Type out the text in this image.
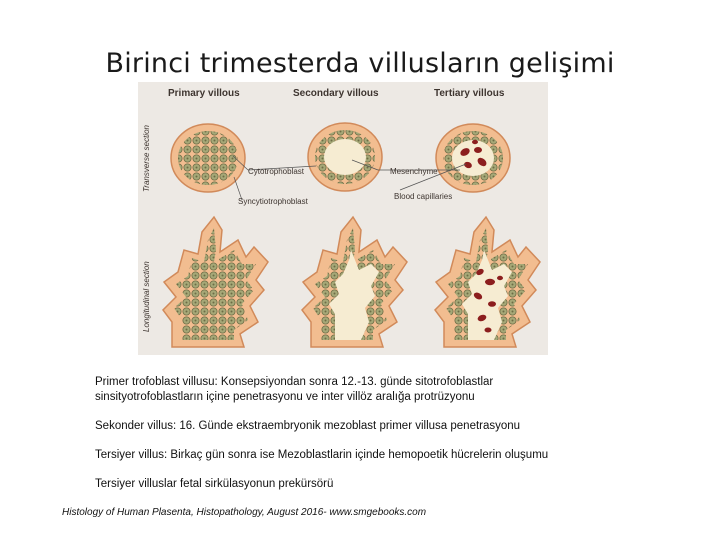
Birinci trimesterda villusların gelişimi
Primary villous	Secondary villous	Tertiary villous
Transverse section
Longitudinal section
Cytotrophoblast
Syncytiotrophoblast
Mesenchyme
Blood capillaries
Primer trofoblast villusu: Konsepsiyondan sonra 12.-13. günde sitotrofoblastlar
sinsityotrofoblastların içine penetrasyonu ve inter villöz aralığa protrüzyonu
Sekonder villus: 16. Günde ekstraembryonik mezoblast primer villusa penetrasyonu
Tersiyer villus: Birkaç gün sonra ise Mezoblastlarin içinde hemopoetik hücrelerin oluşumu
Tersiyer villuslar fetal sirkülasyonun prekürsörü
Histology of Human Plasenta, Histopathology, August 2016- www.smgebooks.com
